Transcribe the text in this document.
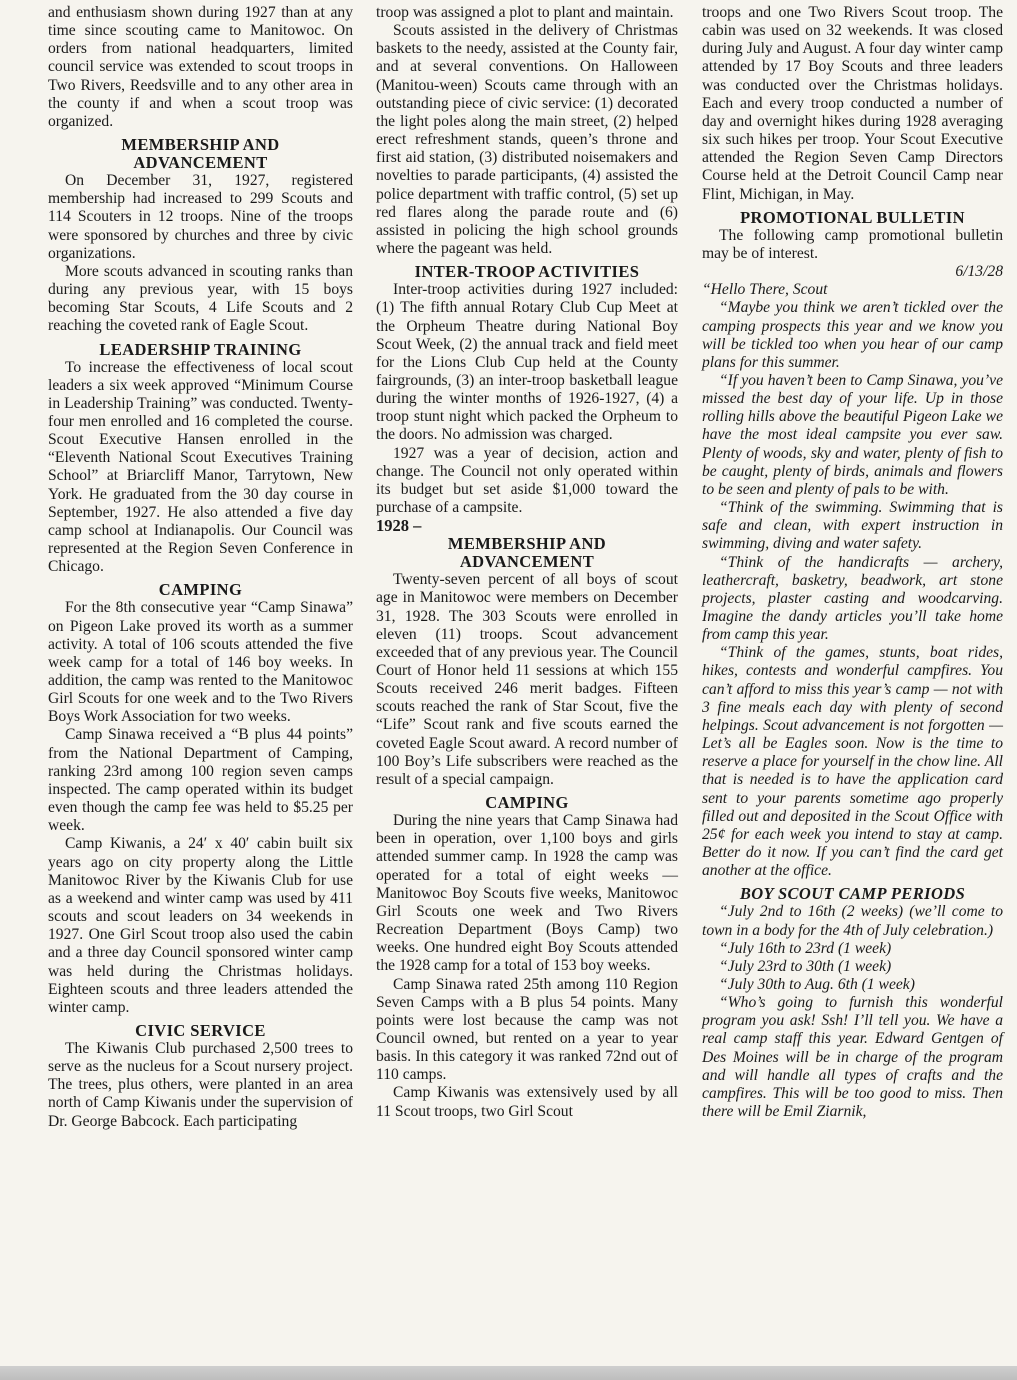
and enthusiasm shown during 1927 than at any time since scouting came to Manitowoc. On orders from national headquarters, limited council service was extended to scout troops in Two Rivers, Reedsville and to any other area in the county if and when a scout troop was organized.

MEMBERSHIP AND
ADVANCEMENT

On December 31, 1927, registered membership had increased to 299 Scouts and 114 Scouters in 12 troops. Nine of the troops were sponsored by churches and three by civic organizations.

More scouts advanced in scouting ranks than during any previous year, with 15 boys becoming Star Scouts, 4 Life Scouts and 2 reaching the coveted rank of Eagle Scout.

LEADERSHIP TRAINING

To increase the effectiveness of local scout leaders a six week approved “Minimum Course in Leadership Training” was conducted. Twenty-four men enrolled and 16 completed the course. Scout Executive Hansen enrolled in the “Eleventh National Scout Executives Training School” at Briarcliff Manor, Tarrytown, New York. He graduated from the 30 day course in September, 1927. He also attended a five day camp school at Indianapolis. Our Council was represented at the Region Seven Conference in Chicago.

CAMPING

For the 8th consecutive year “Camp Sinawa” on Pigeon Lake proved its worth as a summer activity. A total of 106 scouts attended the five week camp for a total of 146 boy weeks. In addition, the camp was rented to the Manitowoc Girl Scouts for one week and to the Two Rivers Boys Work Association for two weeks.

Camp Sinawa received a “B plus 44 points” from the National Department of Camping, ranking 23rd among 100 region seven camps inspected. The camp operated within its budget even though the camp fee was held to $5.25 per week.

Camp Kiwanis, a 24′ x 40′ cabin built six years ago on city property along the Little Manitowoc River by the Kiwanis Club for use as a weekend and winter camp was used by 411 scouts and scout leaders on 34 weekends in 1927. One Girl Scout troop also used the cabin and a three day Council sponsored winter camp was held during the Christmas holidays. Eighteen scouts and three leaders attended the winter camp.

CIVIC SERVICE

The Kiwanis Club purchased 2,500 trees to serve as the nucleus for a Scout nursery project. The trees, plus others, were planted in an area north of Camp Kiwanis under the supervision of Dr. George Babcock. Each participating

troop was assigned a plot to plant and maintain.

Scouts assisted in the delivery of Christmas baskets to the needy, assisted at the County fair, and at several conventions. On Halloween (Manitou-ween) Scouts came through with an outstanding piece of civic service: (1) decorated the light poles along the main street, (2) helped erect refreshment stands, queen’s throne and first aid station, (3) distributed noisemakers and novelties to parade participants, (4) assisted the police department with traffic control, (5) set up red flares along the parade route and (6) assisted in policing the high school grounds where the pageant was held.

INTER-TROOP ACTIVITIES

Inter-troop activities during 1927 included: (1) The fifth annual Rotary Club Cup Meet at the Orpheum Theatre during National Boy Scout Week, (2) the annual track and field meet for the Lions Club Cup held at the County fairgrounds, (3) an inter-troop basketball league during the winter months of 1926-1927, (4) a troop stunt night which packed the Orpheum to the doors. No admission was charged.

1927 was a year of decision, action and change. The Council not only operated within its budget but set aside $1,000 toward the purchase of a campsite.

1928 –
MEMBERSHIP AND
ADVANCEMENT

Twenty-seven percent of all boys of scout age in Manitowoc were members on December 31, 1928. The 303 Scouts were enrolled in eleven (11) troops. Scout advancement exceeded that of any previous year. The Council Court of Honor held 11 sessions at which 155 Scouts received 246 merit badges. Fifteen scouts reached the rank of Star Scout, five the “Life” Scout rank and five scouts earned the coveted Eagle Scout award. A record number of 100 Boy’s Life subscribers were reached as the result of a special campaign.

CAMPING

During the nine years that Camp Sinawa had been in operation, over 1,100 boys and girls attended summer camp. In 1928 the camp was operated for a total of eight weeks — Manitowoc Boy Scouts five weeks, Manitowoc Girl Scouts one week and Two Rivers Recreation Department (Boys Camp) two weeks. One hundred eight Boy Scouts attended the 1928 camp for a total of 153 boy weeks.

Camp Sinawa rated 25th among 110 Region Seven Camps with a B plus 54 points. Many points were lost because the camp was not Council owned, but rented on a year to year basis. In this category it was ranked 72nd out of 110 camps.

Camp Kiwanis was extensively used by all 11 Scout troops, two Girl Scout

troops and one Two Rivers Scout troop. The cabin was used on 32 weekends. It was closed during July and August. A four day winter camp attended by 17 Boy Scouts and three leaders was conducted over the Christmas holidays. Each and every troop conducted a number of day and overnight hikes during 1928 averaging six such hikes per troop. Your Scout Executive attended the Region Seven Camp Directors Course held at the Detroit Council Camp near Flint, Michigan, in May.

PROMOTIONAL BULLETIN

The following camp promotional bulletin may be of interest.

6/13/28

“Hello There, Scout

“Maybe you think we aren’t tickled over the camping prospects this year and we know you will be tickled too when you hear of our camp plans for this summer.

“If you haven’t been to Camp Sinawa, you’ve missed the best day of your life. Up in those rolling hills above the beautiful Pigeon Lake we have the most ideal campsite you ever saw. Plenty of woods, sky and water, plenty of fish to be caught, plenty of birds, animals and flowers to be seen and plenty of pals to be with.

“Think of the swimming. Swimming that is safe and clean, with expert instruction in swimming, diving and water safety.

“Think of the handicrafts — archery, leathercraft, basketry, beadwork, art stone projects, plaster casting and woodcarving. Imagine the dandy articles you’ll take home from camp this year.

“Think of the games, stunts, boat rides, hikes, contests and wonderful campfires. You can’t afford to miss this year’s camp — not with 3 fine meals each day with plenty of second helpings. Scout advancement is not forgotten — Let’s all be Eagles soon. Now is the time to reserve a place for yourself in the chow line. All that is needed is to have the application card sent to your parents sometime ago properly filled out and deposited in the Scout Office with 25¢ for each week you intend to stay at camp. Better do it now. If you can’t find the card get another at the office.

BOY SCOUT CAMP PERIODS

“July 2nd to 16th (2 weeks) (we’ll come to town in a body for the 4th of July celebration.)

“July 16th to 23rd (1 week)

“July 23rd to 30th (1 week)

“July 30th to Aug. 6th (1 week)

“Who’s going to furnish this wonderful program you ask! Ssh! I’ll tell you. We have a real camp staff this year. Edward Gentgen of Des Moines will be in charge of the program and will handle all types of crafts and the campfires. This will be too good to miss. Then there will be Emil Ziarnik,
